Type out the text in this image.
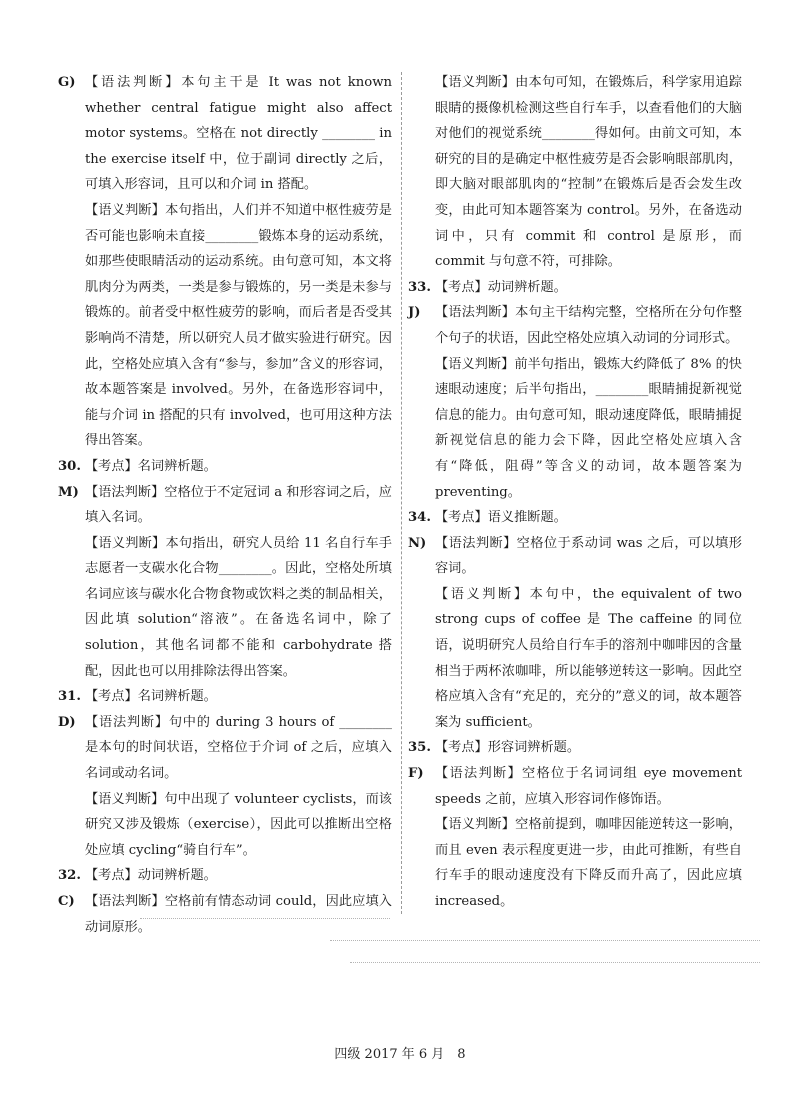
G) 【语法判断】本句主干是 It was not known whether central fatigue might also affect motor systems。空格在 not directly ________ in the exercise itself 中，位于副词 directly 之后，可填入形容词，且可以和介词 in 搭配。

【语义判断】本句指出，人们并不知道中枢性疲劳是否可能也影响未直接________锻炼本身的运动系统，如那些使眼睛活动的运动系统。由句意可知，本文将肌肉分为两类，一类是参与锻炼的，另一类是未参与锻炼的。前者受中枢性疲劳的影响，而后者是否受其影响尚不清楚，所以研究人员才做实验进行研究。因此，空格处应填入含有“参与，参加”含义的形容词，故本题答案是 involved。另外，在备选形容词中，能与介词 in 搭配的只有 involved，也可用这种方法得出答案。

30. 【考点】名词辨析题。

M) 【语法判断】空格位于不定冠词 a 和形容词之后，应填入名词。

【语义判断】本句指出，研究人员给 11 名自行车手志愿者一支碳水化合物________。因此，空格处所填名词应该与碳水化合物食物或饮料之类的制品相关，因此填 solution“溶液”。在备选名词中，除了 solution，其他名词都不能和 carbohydrate 搭配，因此也可以用排除法得出答案。

31. 【考点】名词辨析题。

D) 【语法判断】句中的 during 3 hours of ________是本句的时间状语，空格位于介词 of 之后，应填入名词或动名词。

【语义判断】句中出现了 volunteer cyclists，而该研究又涉及锻炼（exercise），因此可以推断出空格处应填 cycling“骑自行车”。

32. 【考点】动词辨析题。

C) 【语法判断】空格前有情态动词 could，因此应填入动词原形。

【语义判断】由本句可知，在锻炼后，科学家用追踪眼睛的摄像机检测这些自行车手，以查看他们的大脑对他们的视觉系统________得如何。由前文可知，本研究的目的是确定中枢性疲劳是否会影响眼部肌肉，即大脑对眼部肌肉的“控制”在锻炼后是否会发生改变，由此可知本题答案为 control。另外，在备选动词中，只有 commit 和 control 是原形，而 commit 与句意不符，可排除。

33. 【考点】动词辨析题。

J) 【语法判断】本句主干结构完整，空格所在分句作整个句子的状语，因此空格处应填入动词的分词形式。

【语义判断】前半句指出，锻炼大约降低了 8% 的快速眼动速度；后半句指出，________眼睛捕捉新视觉信息的能力。由句意可知，眼动速度降低，眼睛捕捉新视觉信息的能力会下降，因此空格处应填入含有“降低，阻碍”等含义的动词，故本题答案为 preventing。

34. 【考点】语义推断题。

N) 【语法判断】空格位于系动词 was 之后，可以填形容词。

【语义判断】本句中，the equivalent of two strong cups of coffee 是 The caffeine 的同位语，说明研究人员给自行车手的溶剂中咖啡因的含量相当于两杯浓咖啡，所以能够逆转这一影响。因此空格应填入含有“充足的，充分的”意义的词，故本题答案为 sufficient。

35. 【考点】形容词辨析题。

F) 【语法判断】空格位于名词词组 eye movement speeds 之前，应填入形容词作修饰语。

【语义判断】空格前提到，咖啡因能逆转这一影响，而且 even 表示程度更进一步，由此可推断，有些自行车手的眼动速度没有下降反而升高了，因此应填 increased。

四级 2017 年 6 月　8
